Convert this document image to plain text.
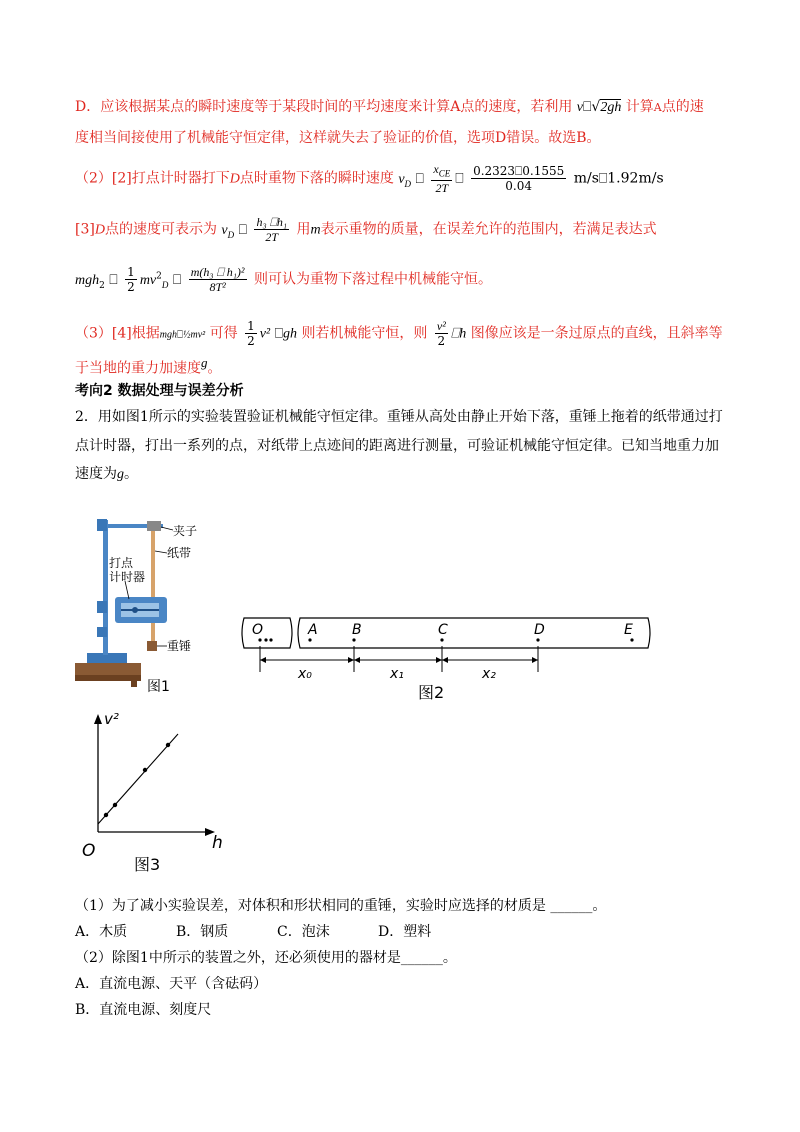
D．应该根据某点的瞬时速度等于某段时间的平均速度来计算A点的速度，若利用 v⎕√2gh 计算A点的速
度相当间接使用了机械能守恒定律，这样就失去了验证的价值，选项D错误。故选B。
（2）[2]打点计时器打下D点时重物下落的瞬时速度 $v_D$ ⎕ $\frac{x_{CE}}{2T}$ ⎕ $\frac{0.2323⎕0.1555}{0.04}$ m/s⎕1.92m/s
[3]D点的速度可表示为 $v_D$ ⎕ $\frac{\text{h₃ ⎕h₁}}{2T}$ 用m表示重物的质量，在误差允许的范围内，若满足表达式
mgh$_2$ ⎕ $\frac{1}{2} mv^2_D$ ⎕ $\frac{\text{m(h₃ ⎕ h₁)²}}{\text{8T²}}$ 则可认为重物下落过程中机械能守恒。
（3）[4]根据mgh⎕½mv² 可得 $\frac{1}{2} v^2$ ⎕gh 则若机械能守恒，则 $\frac{\text{v²}}{2}$ ⎕h 图像应该是一条过原点的直线，且斜率等
于当地的重力加速度g。
考向2 数据处理与误差分析
2．用如图1所示的实验装置验证机械能守恒定律。重锤从高处由静止开始下落，重锤上拖着的纸带通过打
点计时器，打出一系列的点，对纸带上点迹间的距离进行测量，可验证机械能守恒定律。已知当地重力加
速度为g。
夹子
打点
计时器
纸带
重锤
图1
O	A B	C	D	E
x₀	x₁	x₂
图2
v²
h
O
图3
（1）为了减小实验误差，对体积和形状相同的重锤，实验时应选择的材质是 ______。
A．木质	B．钢质	C．泡沫	D．塑料
（2）除图1中所示的装置之外，还必须使用的器材是______。
A．直流电源、天平（含砝码）
B．直流电源、刻度尺
